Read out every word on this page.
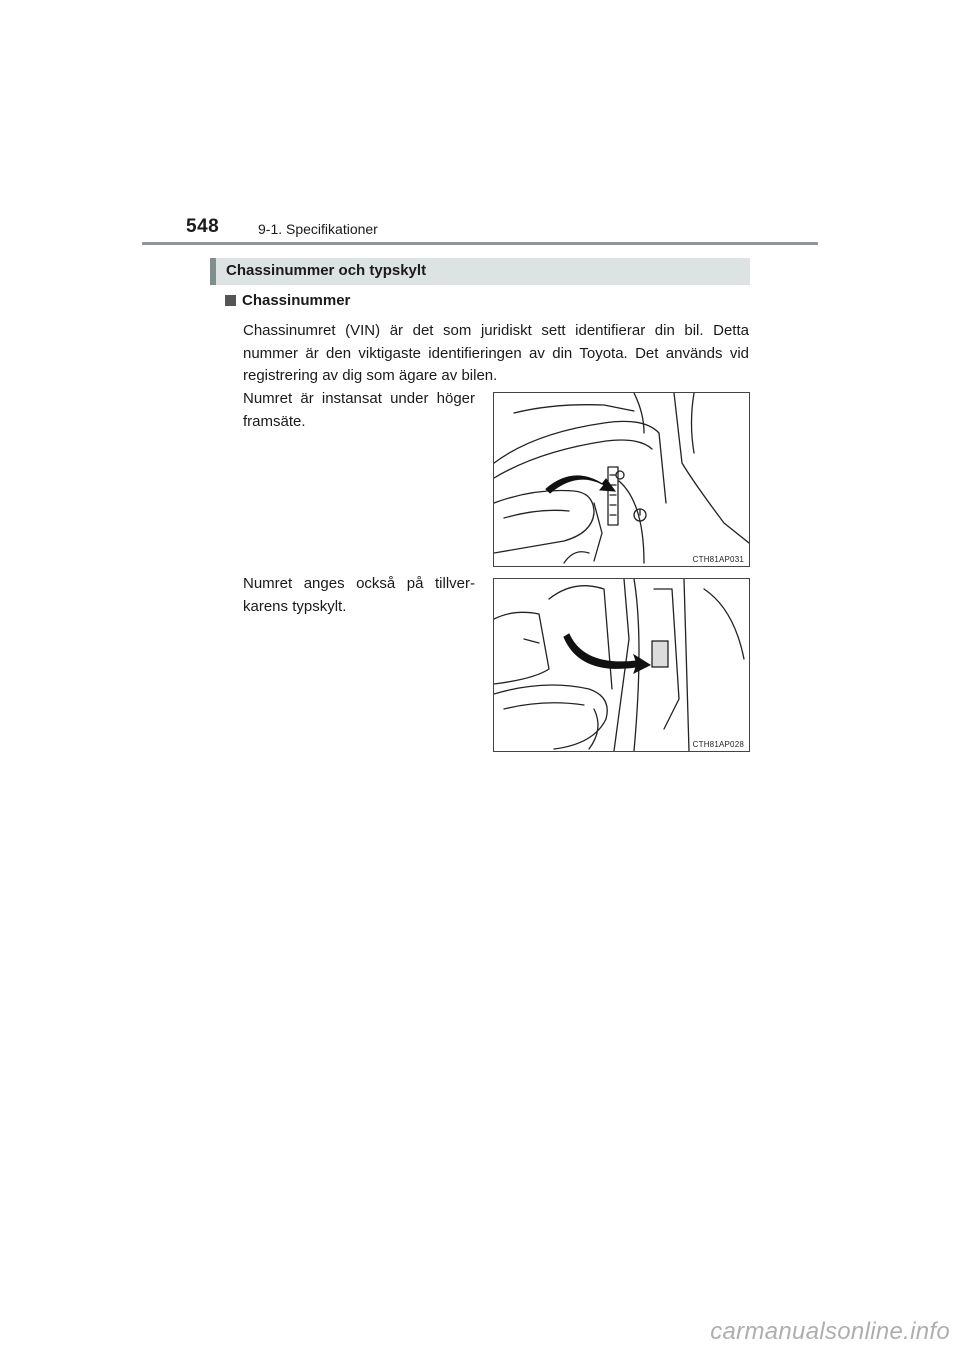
548	9-1. Specifikationer
Chassinummer och typskylt
Chassinummer
Chassinumret (VIN) är det som juridiskt sett identifierar din bil. Detta nummer är den viktigaste identifieringen av din Toyota. Det används vid registrering av dig som ägare av bilen.
Numret är instansat under höger framsäte.
CTH81AP031
Numret anges också på tillver-karens typskylt.
CTH81AP028
carmanualsonline.info
